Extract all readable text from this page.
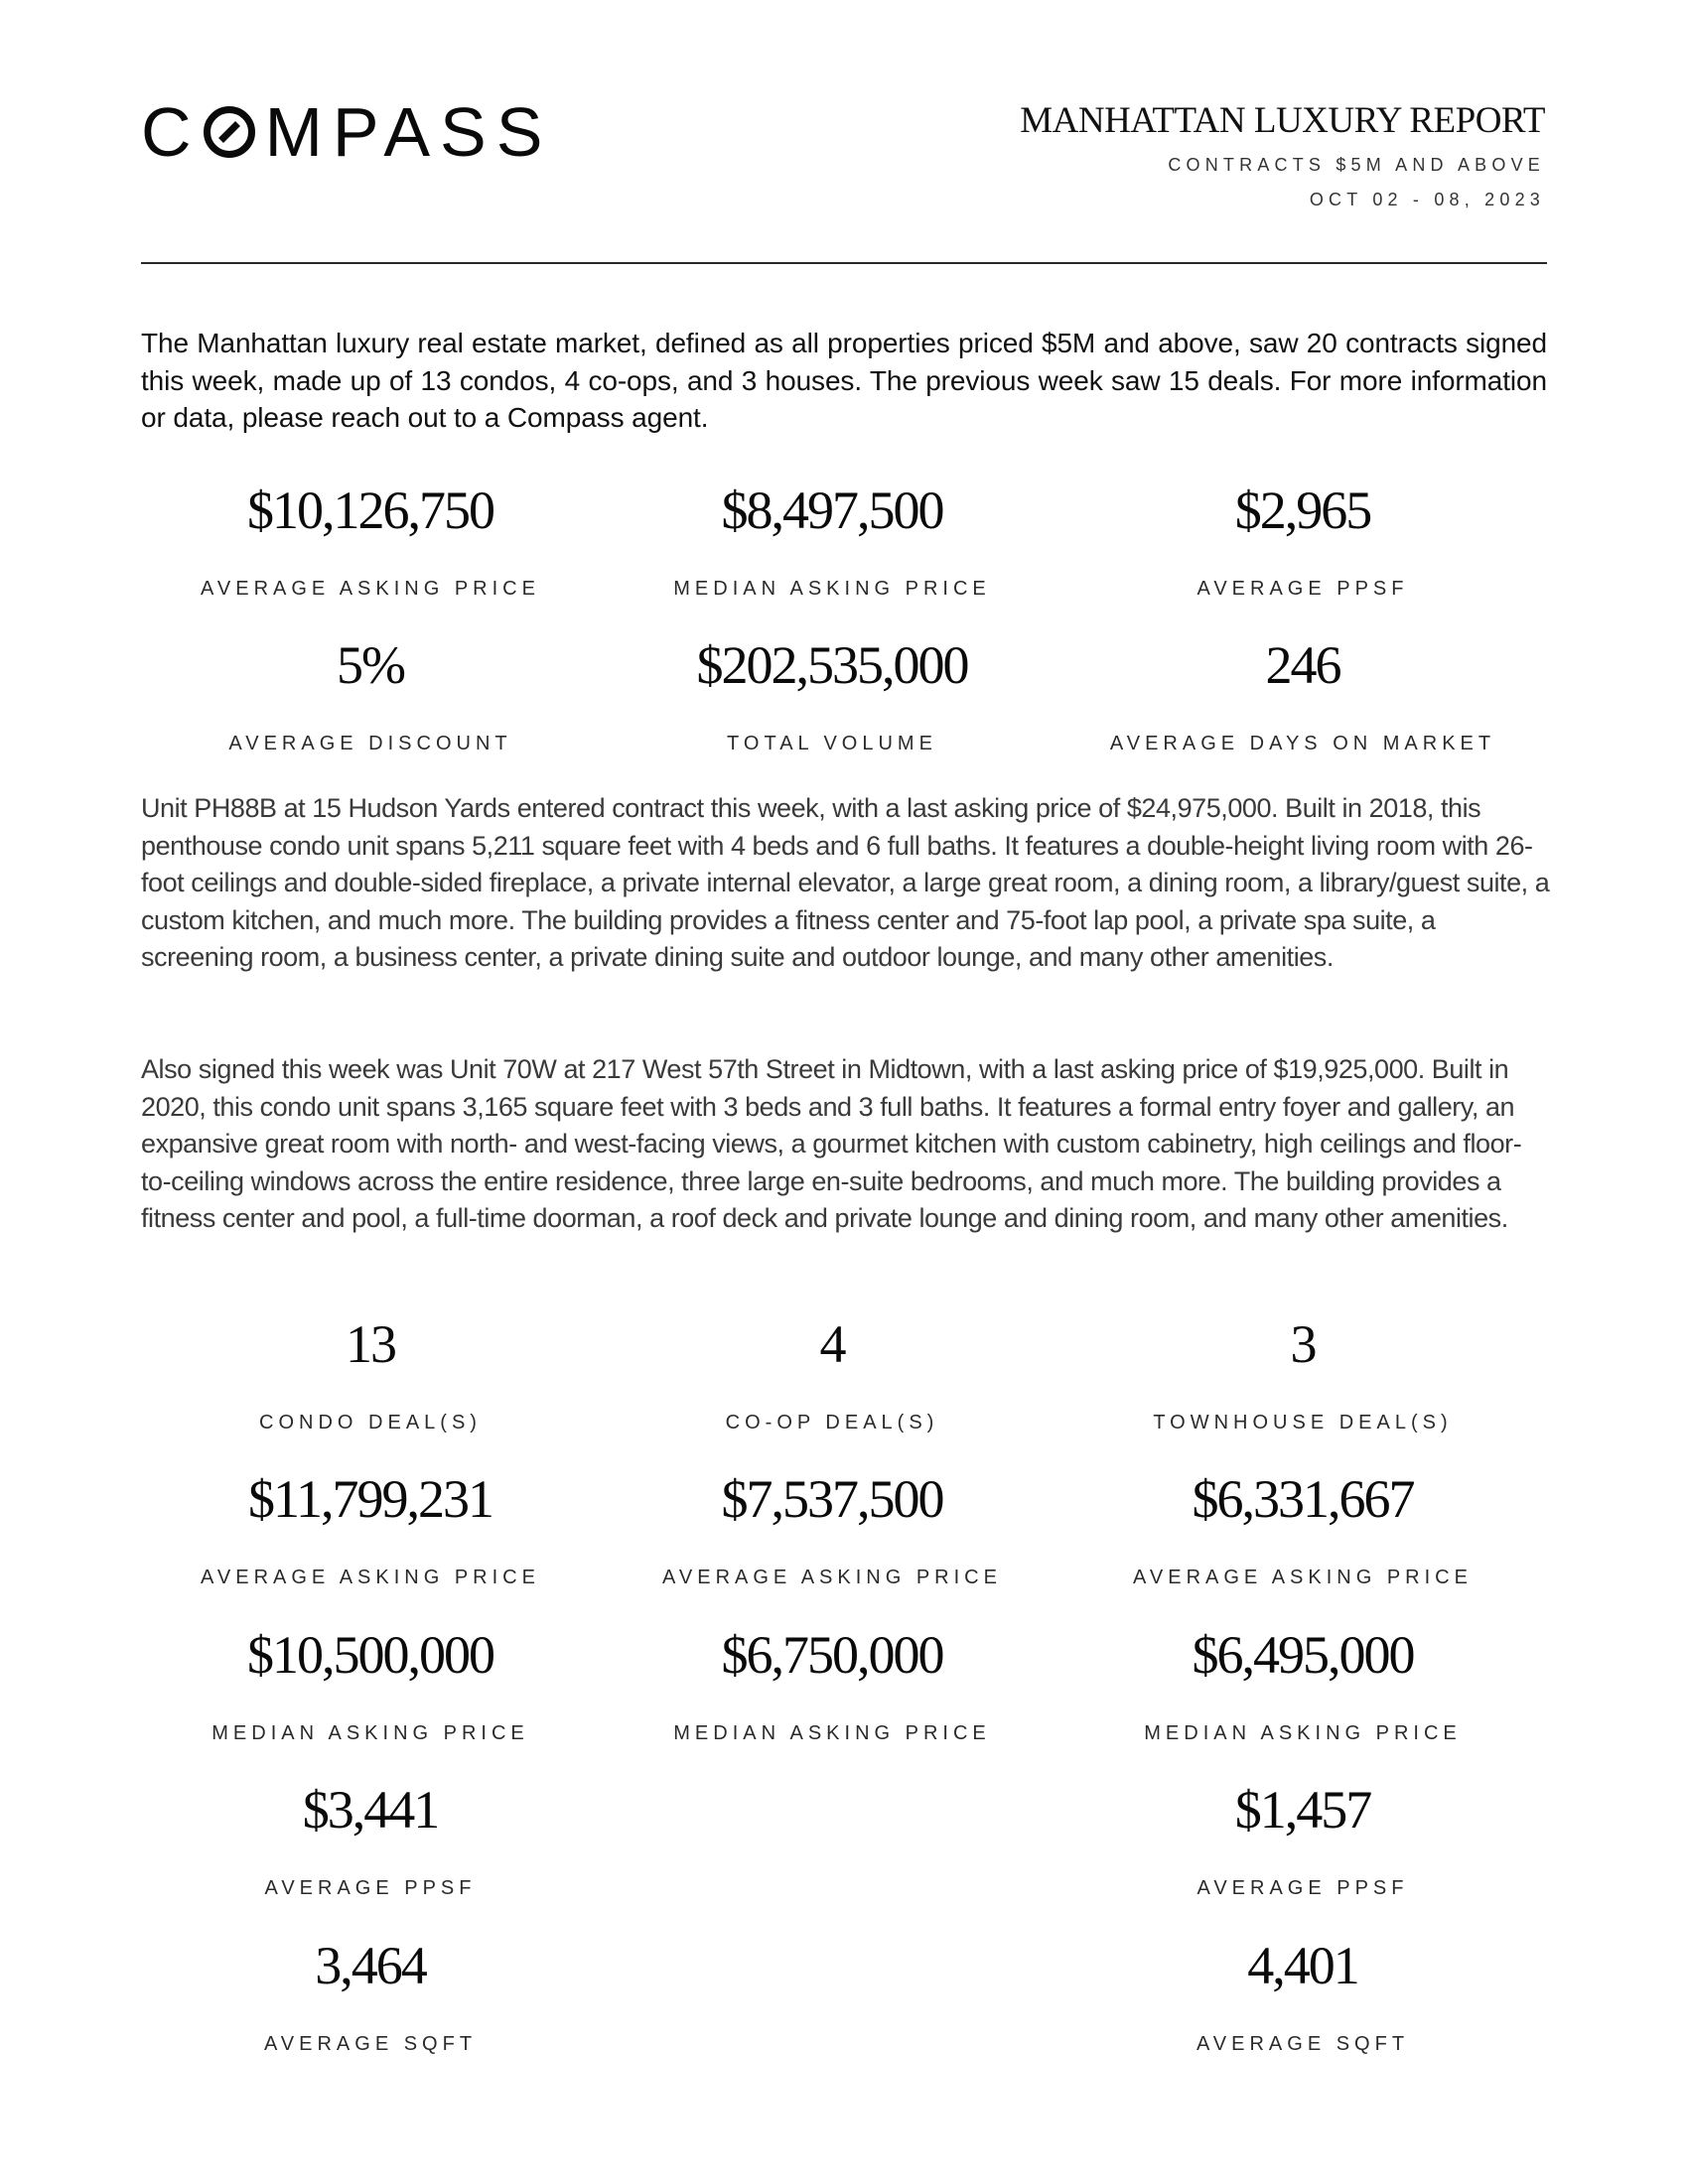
C MPASS	MANHATTAN LUXURY REPORT
CONTRACTS $5M AND ABOVE
OCT 02 - 08, 2023

The Manhattan luxury real estate market, defined as all properties priced $5M and above, saw 20 contracts signed this week, made up of 13 condos, 4 co-ops, and 3 houses. The previous week saw 15 deals. For more information or data, please reach out to a Compass agent.

$10,126,750
AVERAGE ASKING PRICE
$8,497,500
MEDIAN ASKING PRICE
$2,965
AVERAGE PPSF
5%
AVERAGE DISCOUNT
$202,535,000
TOTAL VOLUME
246
AVERAGE DAYS ON MARKET

Unit PH88B at 15 Hudson Yards entered contract this week, with a last asking price of $24,975,000. Built in 2018, this penthouse condo unit spans 5,211 square feet with 4 beds and 6 full baths. It features a double-height living room with 26-foot ceilings and double-sided fireplace, a private internal elevator, a large great room, a dining room, a library/guest suite, a custom kitchen, and much more. The building provides a fitness center and 75-foot lap pool, a private spa suite, a screening room, a business center, a private dining suite and outdoor lounge, and many other amenities.

Also signed this week was Unit 70W at 217 West 57th Street in Midtown, with a last asking price of $19,925,000. Built in 2020, this condo unit spans 3,165 square feet with 3 beds and 3 full baths. It features a formal entry foyer and gallery, an expansive great room with north- and west-facing views, a gourmet kitchen with custom cabinetry, high ceilings and floor-to-ceiling windows across the entire residence, three large en-suite bedrooms, and much more. The building provides a fitness center and pool, a full-time doorman, a roof deck and private lounge and dining room, and many other amenities.

13
CONDO DEAL(S)
$11,799,231
AVERAGE ASKING PRICE
$10,500,000
MEDIAN ASKING PRICE
$3,441
AVERAGE PPSF
3,464
AVERAGE SQFT
4
CO-OP DEAL(S)
$7,537,500
AVERAGE ASKING PRICE
$6,750,000
MEDIAN ASKING PRICE
3
TOWNHOUSE DEAL(S)
$6,331,667
AVERAGE ASKING PRICE
$6,495,000
MEDIAN ASKING PRICE
$1,457
AVERAGE PPSF
4,401
AVERAGE SQFT
